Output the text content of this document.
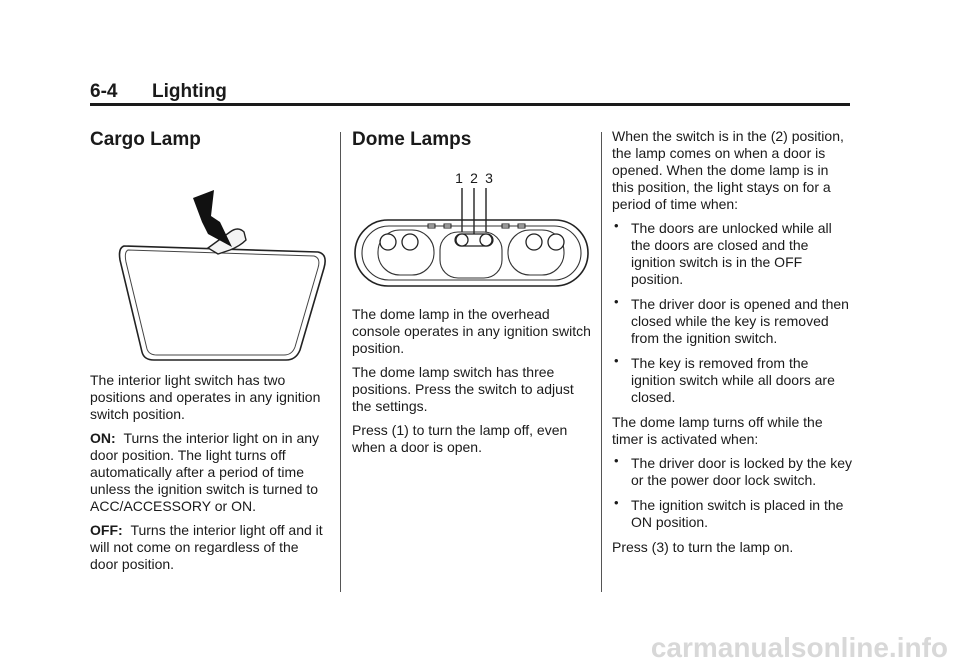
6-4 Lighting
Cargo Lamp

The interior light switch has two positions and operates in any ignition switch position.

ON: Turns the interior light on in any door position. The light turns off automatically after a period of time unless the ignition switch is turned to ACC/ACCESSORY or ON.

OFF: Turns the interior light off and it will not come on regardless of the door position.

Dome Lamps
1 2 3

The dome lamp in the overhead console operates in any ignition switch position.

The dome lamp switch has three positions. Press the switch to adjust the settings.

Press (1) to turn the lamp off, even when a door is open.

When the switch is in the (2) position, the lamp comes on when a door is opened. When the dome lamp is in this position, the light stays on for a period of time when:

• The doors are unlocked while all the doors are closed and the ignition switch is in the OFF position.
• The driver door is opened and then closed while the key is removed from the ignition switch.
• The key is removed from the ignition switch while all doors are closed.

The dome lamp turns off while the timer is activated when:

• The driver door is locked by the key or the power door lock switch.
• The ignition switch is placed in the ON position.

Press (3) to turn the lamp on.

carmanualsonline.info
